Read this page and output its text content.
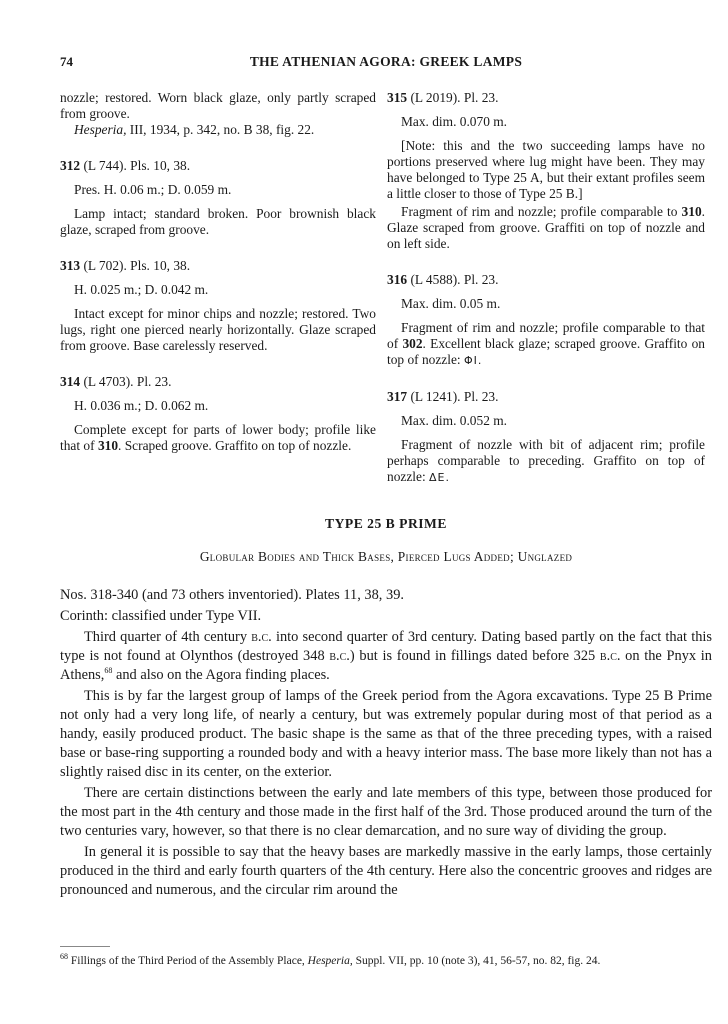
74	THE ATHENIAN AGORA: GREEK LAMPS

nozzle; restored. Worn black glaze, only partly scraped from groove.

Hesperia, III, 1934, p. 342, no. B 38, fig. 22.

312 (L 744). Pls. 10, 38.

Pres. H. 0.06 m.; D. 0.059 m.

Lamp intact; standard broken. Poor brownish black glaze, scraped from groove.

313 (L 702). Pls. 10, 38.

H. 0.025 m.; D. 0.042 m.

Intact except for minor chips and nozzle; restored. Two lugs, right one pierced nearly horizontally. Glaze scraped from groove. Base carelessly reserved.

314 (L 4703). Pl. 23.

H. 0.036 m.; D. 0.062 m.

Complete except for parts of lower body; profile like that of 310. Scraped groove. Graffito on top of nozzle.

315 (L 2019). Pl. 23.

Max. dim. 0.070 m.

[Note: this and the two succeeding lamps have no portions preserved where lug might have been. They may have belonged to Type 25 A, but their extant profiles seem a little closer to those of Type 25 B.]

Fragment of rim and nozzle; profile comparable to 310. Glaze scraped from groove. Graffiti on top of nozzle and on left side.

316 (L 4588). Pl. 23.

Max. dim. 0.05 m.

Fragment of rim and nozzle; profile comparable to that of 302. Excellent black glaze; scraped groove. Graffito on top of nozzle: ΦI.

317 (L 1241). Pl. 23.

Max. dim. 0.052 m.

Fragment of nozzle with bit of adjacent rim; profile perhaps comparable to preceding. Graffito on top of nozzle: ΔE.

TYPE 25 B PRIME
Globular Bodies and Thick Bases, Pierced Lugs Added; Unglazed

Nos. 318-340 (and 73 others inventoried). Plates 11, 38, 39.

Corinth: classified under Type VII.

Third quarter of 4th century b.c. into second quarter of 3rd century. Dating based partly on the fact that this type is not found at Olynthos (destroyed 348 b.c.) but is found in fillings dated before 325 b.c. on the Pnyx in Athens,$^{68}$ and also on the Agora finding places.

This is by far the largest group of lamps of the Greek period from the Agora excavations. Type 25 B Prime not only had a very long life, of nearly a century, but was extremely popular during most of that period as a handy, easily produced product. The basic shape is the same as that of the three preceding types, with a raised base or base-ring supporting a rounded body and with a heavy interior mass. The base more likely than not has a slightly raised disc in its center, on the exterior.

There are certain distinctions between the early and late members of this type, between those produced for the most part in the 4th century and those made in the first half of the 3rd. Those produced around the turn of the two centuries vary, however, so that there is no clear demarcation, and no sure way of dividing the group.

In general it is possible to say that the heavy bases are markedly massive in the early lamps, those certainly produced in the third and early fourth quarters of the 4th century. Here also the concentric grooves and ridges are pronounced and numerous, and the circular rim around the

$^{68}$ Fillings of the Third Period of the Assembly Place, Hesperia, Suppl. VII, pp. 10 (note 3), 41, 56-57, no. 82, fig. 24.
